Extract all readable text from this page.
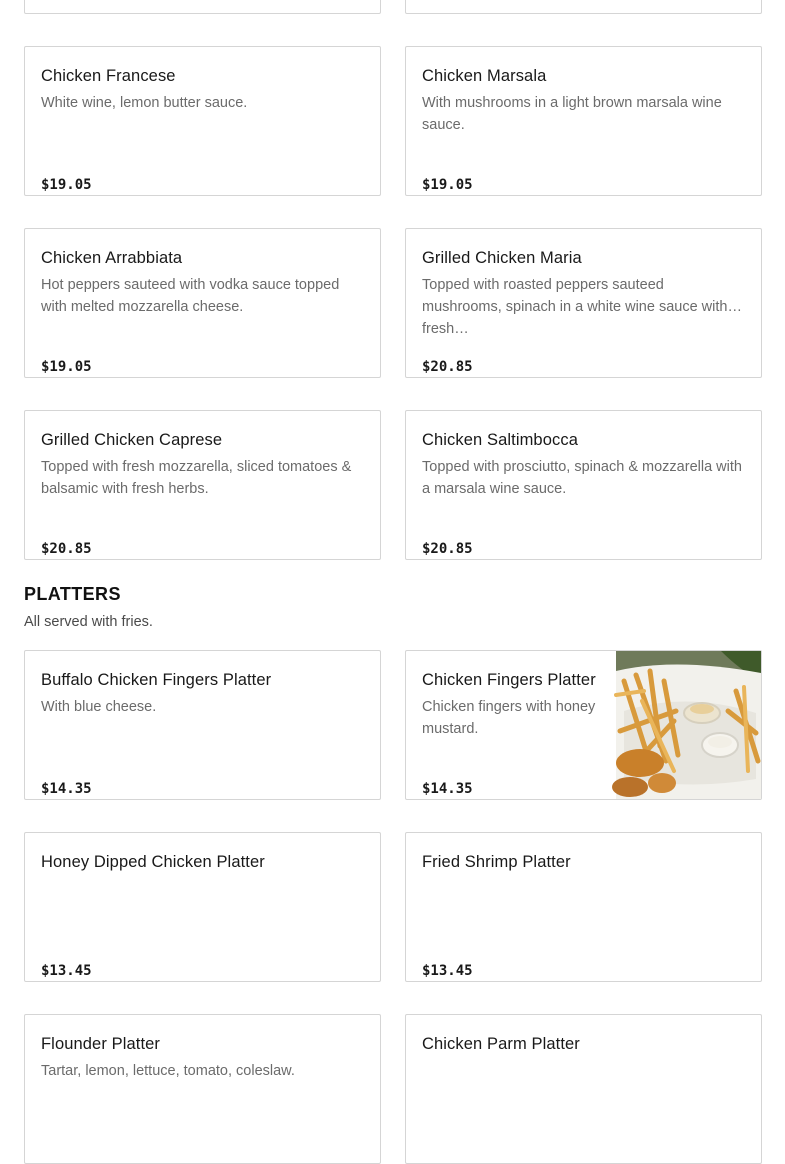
Chicken Francese
White wine, lemon butter sauce.
$19.05
Chicken Marsala
With mushrooms in a light brown marsala wine sauce.
$19.05
Chicken Arrabbiata
Hot peppers sauteed with vodka sauce topped with melted mozzarella cheese.
$19.05
Grilled Chicken Maria
Topped with roasted peppers sauteed mushrooms, spinach in a white wine sauce with fresh…
$20.85
Grilled Chicken Caprese
Topped with fresh mozzarella, sliced tomatoes & balsamic with fresh herbs.
$20.85
Chicken Saltimbocca
Topped with prosciutto, spinach & mozzarella with a marsala wine sauce.
$20.85
PLATTERS
All served with fries.
Buffalo Chicken Fingers Platter
With blue cheese.
$14.35
Chicken Fingers Platter
Chicken fingers with honey mustard.
$14.35
Honey Dipped Chicken Platter
$13.45
Fried Shrimp Platter
$13.45
Flounder Platter
Tartar, lemon, lettuce, tomato, coleslaw.
Chicken Parm Platter
